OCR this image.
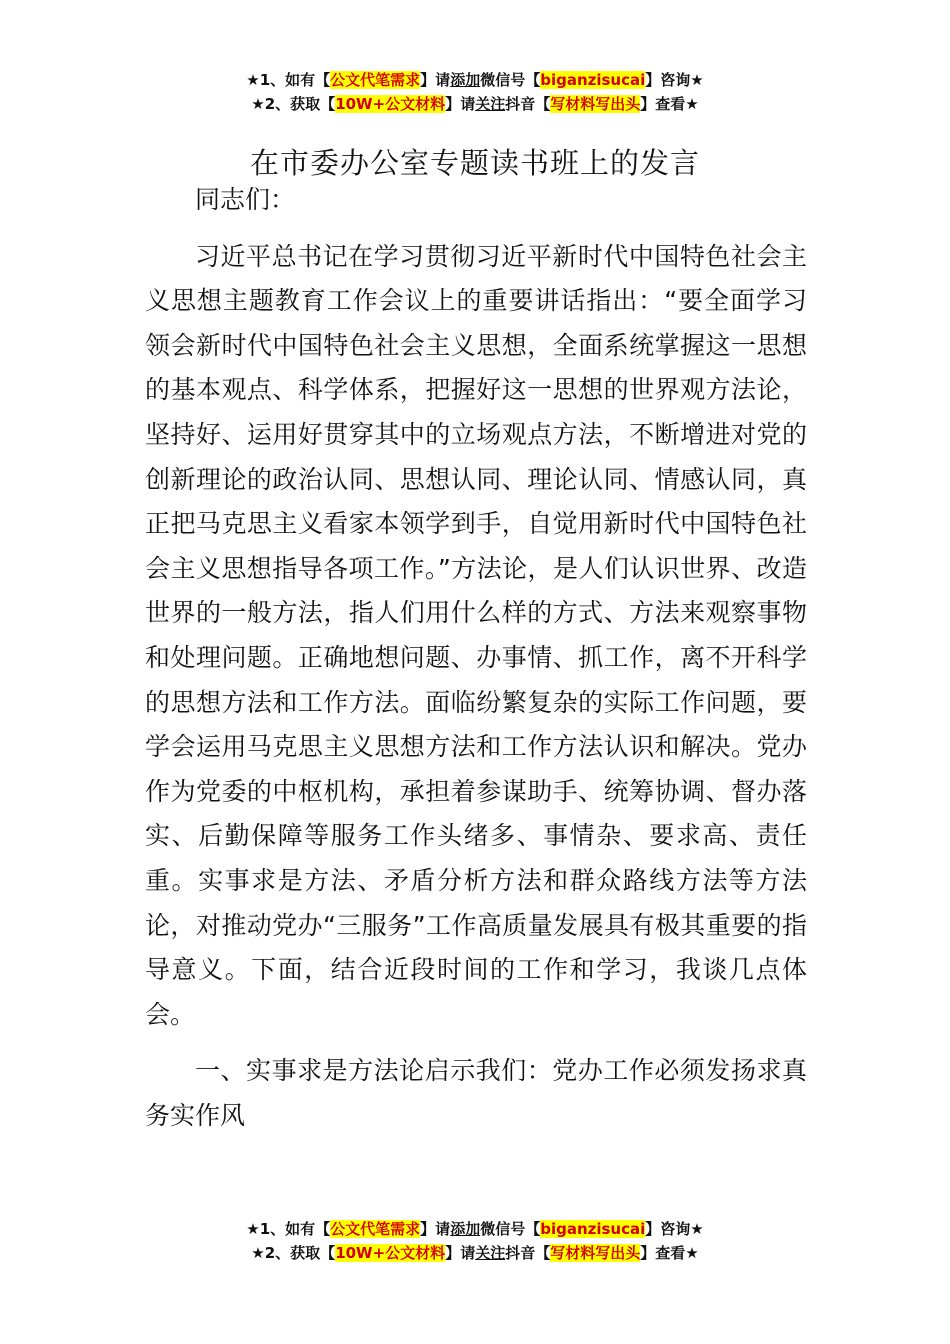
★1、如有【公文代笔需求】请添加微信号【biganzisucai】咨询★
★2、获取【10W+公文材料】请关注抖音【写材料写出头】查看★
在市委办公室专题读书班上的发言

同志们：

习近平总书记在学习贯彻习近平新时代中国特色社会主义思想主题教育工作会议上的重要讲话指出：“要全面学习领会新时代中国特色社会主义思想，全面系统掌握这一思想的基本观点、科学体系，把握好这一思想的世界观方法论，坚持好、运用好贯穿其中的立场观点方法，不断增进对党的创新理论的政治认同、思想认同、理论认同、情感认同，真正把马克思主义看家本领学到手，自觉用新时代中国特色社会主义思想指导各项工作。”方法论，是人们认识世界、改造世界的一般方法，指人们用什么样的方式、方法来观察事物和处理问题。正确地想问题、办事情、抓工作，离不开科学的思想方法和工作方法。面临纷繁复杂的实际工作问题，要学会运用马克思主义思想方法和工作方法认识和解决。党办作为党委的中枢机构，承担着参谋助手、统筹协调、督办落实、后勤保障等服务工作头绪多、事情杂、要求高、责任重。实事求是方法、矛盾分析方法和群众路线方法等方法论，对推动党办“三服务”工作高质量发展具有极其重要的指导意义。下面，结合近段时间的工作和学习，我谈几点体会。

一、实事求是方法论启示我们：党办工作必须发扬求真务实作风

★1、如有【公文代笔需求】请添加微信号【biganzisucai】咨询★
★2、获取【10W+公文材料】请关注抖音【写材料写出头】查看★
